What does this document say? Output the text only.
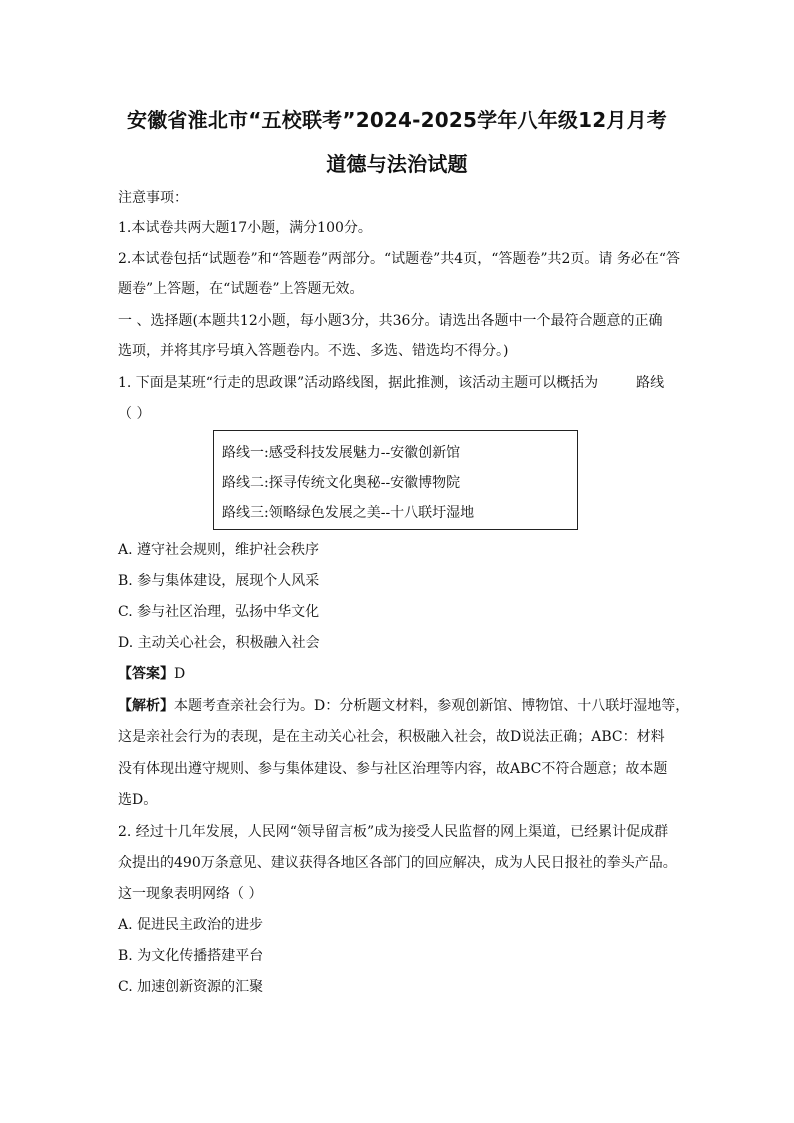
安徽省淮北市“五校联考”2024-2025学年八年级12月月考
道德与法治试题
注意事项：
1.本试卷共两大题17小题，满分100分。
2.本试卷包括“试题卷”和“答题卷”两部分。“试题卷”共4页，“答题卷”共2页。请 务必在“答
题卷”上答题，在“试题卷”上答题无效。
一 、选择题(本题共12小题，每小题3分，共36分。请选出各题中一个最符合题意的正确
选项，并将其序号填入答题卷内。不选、多选、错选均不得分。)
1. 下面是某班“行走的思政课”活动路线图，据此推测，该活动主题可以概括为	路线
（ ）
路线一:感受科技发展魅力--安徽创新馆
路线二:探寻传统文化奥秘--安徽博物院
路线三:领略绿色发展之美--十八联圩湿地
A. 遵守社会规则，维护社会秩序
B. 参与集体建设，展现个人风采
C. 参与社区治理，弘扬中华文化
D. 主动关心社会，积极融入社会
【答案】D
【解析】本题考查亲社会行为。D：分析题文材料，参观创新馆、博物馆、十八联圩湿地等，
这是亲社会行为的表现，是在主动关心社会，积极融入社会，故D说法正确；ABC：材料
没有体现出遵守规则、参与集体建设、参与社区治理等内容，故ABC不符合题意；故本题
选D。
2. 经过十几年发展，人民网“领导留言板”成为接受人民监督的网上渠道，已经累计促成群
众提出的490万条意见、建议获得各地区各部门的回应解决，成为人民日报社的拳头产品。
这一现象表明网络（ ）
A. 促进民主政治的进步
B. 为文化传播搭建平台
C. 加速创新资源的汇聚
